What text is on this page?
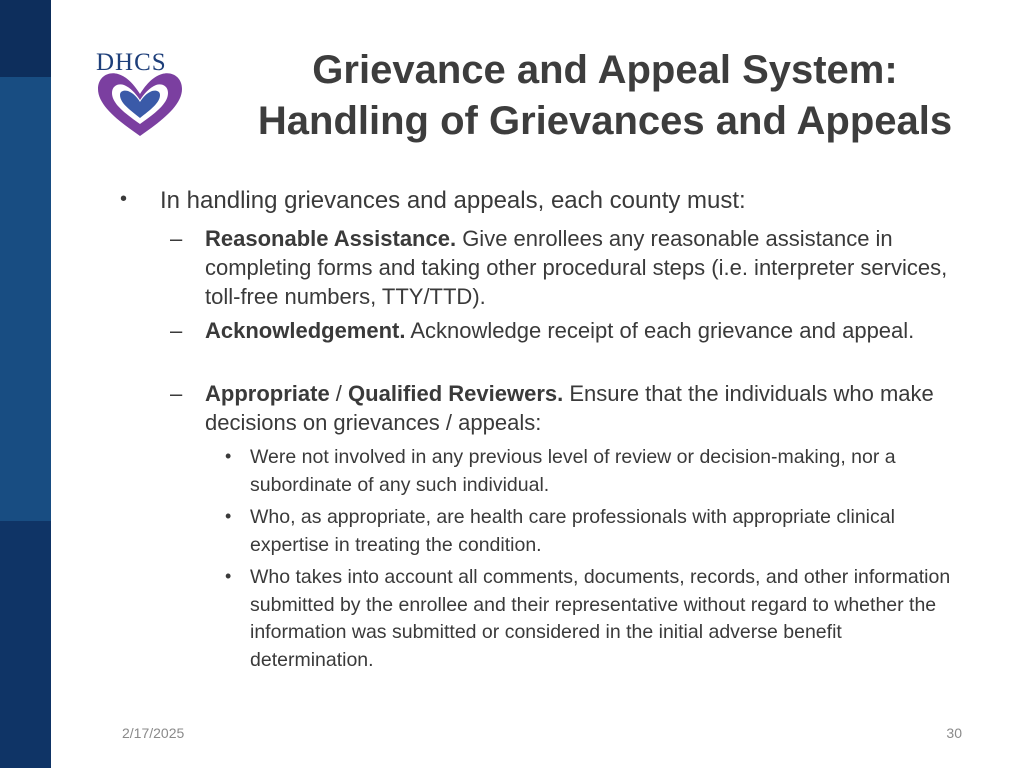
DHCS	Grievance and Appeal System:
Handling of Grievances and Appeals
• In handling grievances and appeals, each county must:
– Reasonable Assistance. Give enrollees any reasonable assistance in completing forms and taking other procedural steps (i.e. interpreter services, toll-free numbers, TTY/TTD).
– Acknowledgement. Acknowledge receipt of each grievance and appeal.
– Appropriate / Qualified Reviewers. Ensure that the individuals who make decisions on grievances / appeals:
• Were not involved in any previous level of review or decision-making, nor a subordinate of any such individual.
• Who, as appropriate, are health care professionals with appropriate clinical expertise in treating the condition.
• Who takes into account all comments, documents, records, and other information submitted by the enrollee and their representative without regard to whether the information was submitted or considered in the initial adverse benefit determination.
2/17/2025	30
